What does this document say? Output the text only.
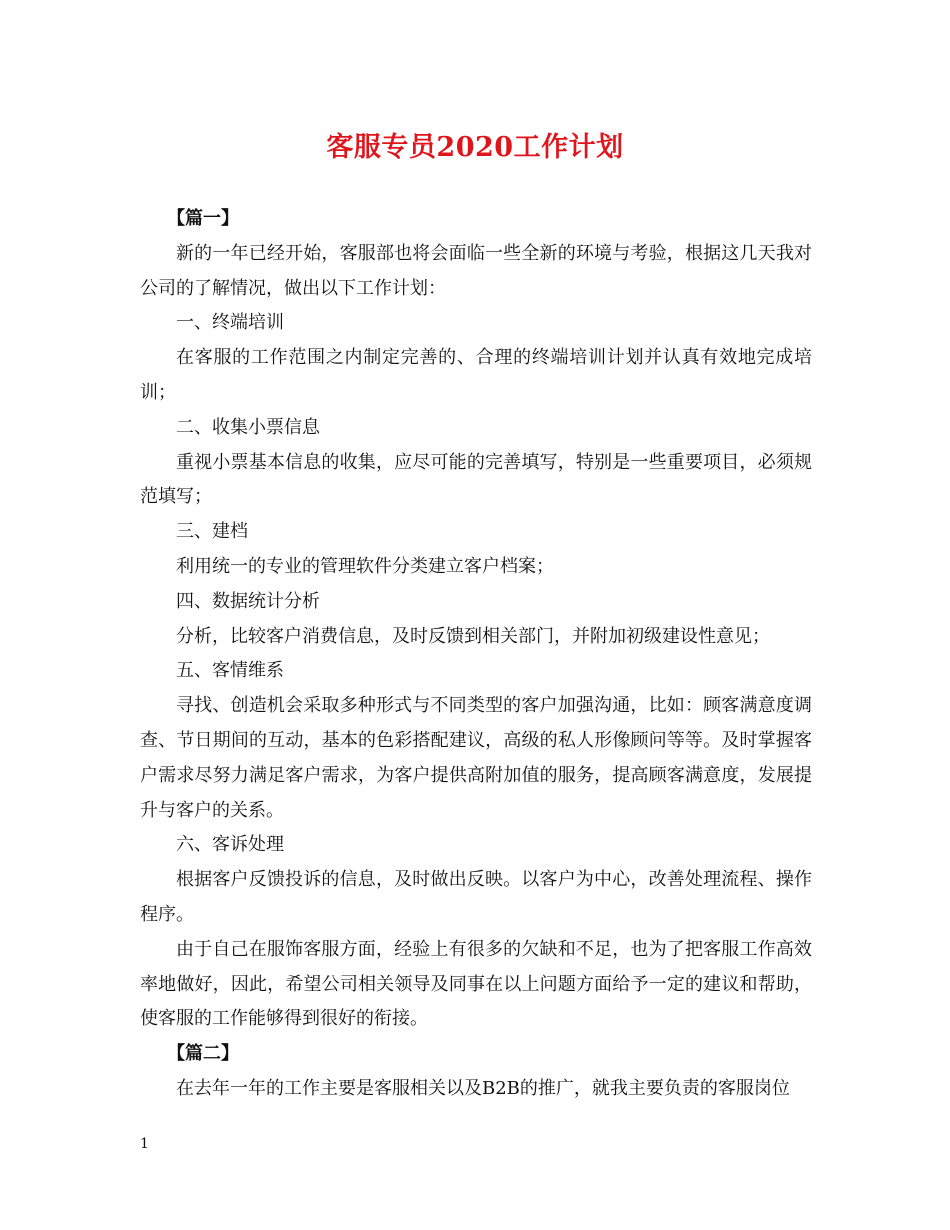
客服专员2020工作计划

【篇一】

新的一年已经开始，客服部也将会面临一些全新的环境与考验，根据这几天我对公司的了解情况，做出以下工作计划：

一、终端培训

在客服的工作范围之内制定完善的、合理的终端培训计划并认真有效地完成培训；

二、收集小票信息

重视小票基本信息的收集，应尽可能的完善填写，特别是一些重要项目，必须规范填写；

三、建档

利用统一的专业的管理软件分类建立客户档案；

四、数据统计分析

分析，比较客户消费信息，及时反馈到相关部门，并附加初级建设性意见；

五、客情维系

寻找、创造机会采取多种形式与不同类型的客户加强沟通，比如：顾客满意度调查、节日期间的互动，基本的色彩搭配建议，高级的私人形像顾问等等。及时掌握客户需求尽努力满足客户需求，为客户提供高附加值的服务，提高顾客满意度，发展提升与客户的关系。

六、客诉处理

根据客户反馈投诉的信息，及时做出反映。以客户为中心，改善处理流程、操作程序。

由于自己在服饰客服方面，经验上有很多的欠缺和不足，也为了把客服工作高效率地做好，因此，希望公司相关领导及同事在以上问题方面给予一定的建议和帮助，使客服的工作能够得到很好的衔接。

【篇二】

在去年一年的工作主要是客服相关以及B2B的推广，就我主要负责的客服岗位

1
